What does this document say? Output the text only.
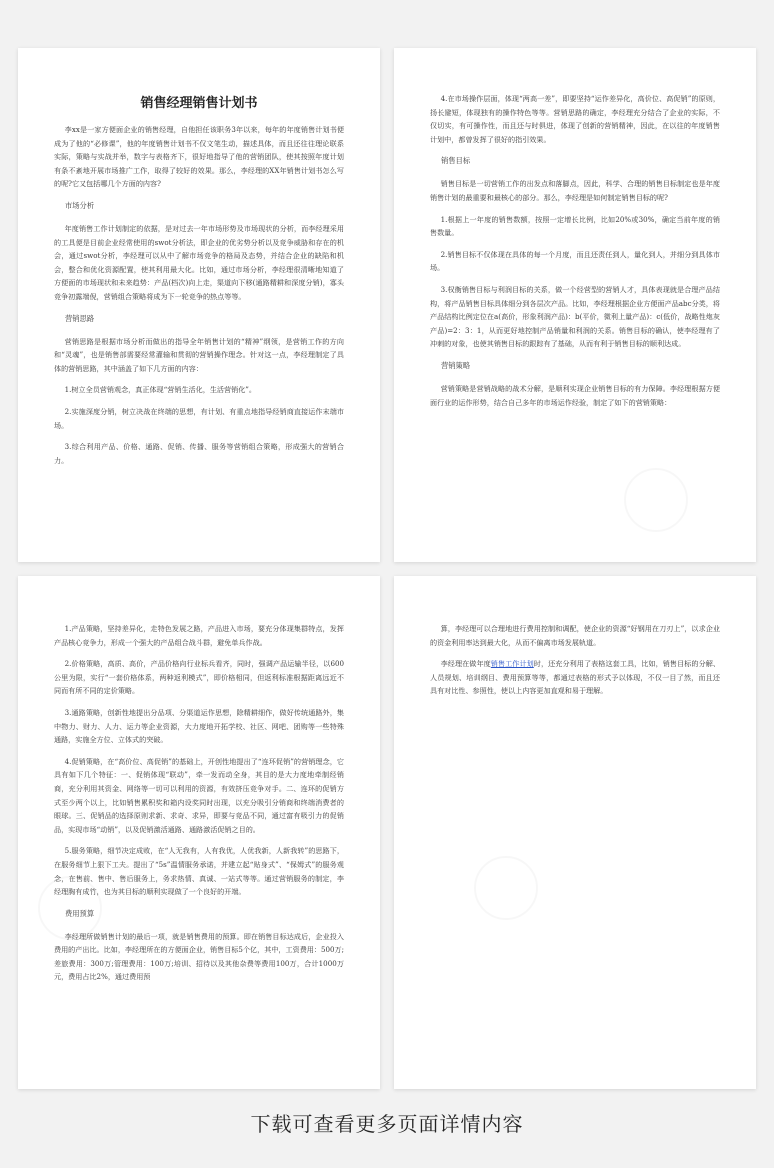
销售经理销售计划书

李xx是一家方便面企业的销售经理，自他担任该职务3年以来，每年的年度销售计划书便成为了他的“必修课”，他的年度销售计划书不仅文笔生动，描述具体，而且还往往理论联系实际，策略与实战并举，数字与表格齐下，很好地指导了他的营销团队，使其按照年度计划有条不紊地开展市场推广工作，取得了较好的效果。那么，李经理的XX年销售计划书怎么写的呢?它又包括哪几个方面的内容?

市场分析

年度销售工作计划制定的依据，是对过去一年市场形势及市场现状的分析，而李经理采用的工具便是目前企业经常使用的swot分析法，即企业的优劣势分析以及竞争威胁和存在的机会，通过swot分析，李经理可以从中了解市场竞争的格局及态势，并结合企业的缺陷和机会，整合和优化资源配置，使其利用最大化。比如，通过市场分析，李经理很清晰地知道了方便面的市场现状和未来趋势：产品(档次)向上走，渠道向下移(通路精耕和深度分销)，寡头竞争初露端倪，营销组合策略将成为下一轮竞争的热点等等。

营销思路

营销思路是根据市场分析而做出的指导全年销售计划的“精神”纲领，是营销工作的方向和“灵魂”，也是销售部需要经常灌输和贯彻的营销操作理念。针对这一点，李经理制定了具体的营销思路，其中涵盖了如下几方面的内容：

1.树立全员营销观念，真正体现“营销生活化，生活营销化”。

2.实施深度分销，树立决战在终端的思想，有计划、有重点地指导经销商直接运作末端市场。

3.综合利用产品、价格、通路、促销、传播、服务等营销组合策略，形成强大的营销合力。

4.在市场操作层面，体现“两高一差”，即要坚持“运作差异化，高价位、高促销”的原则，扬长避短，体现独有的操作特色等等。营销思路的确定，李经理充分结合了企业的实际，不仅切实，有可操作性，而且还与时俱进，体现了创新的营销精神，因此，在以往的年度销售计划中，都曾发挥了很好的指引效果。

销售目标

销售目标是一切营销工作的出发点和落脚点，因此，科学、合理的销售目标制定也是年度销售计划的最重要和最核心的部分。那么，李经理是如何制定销售目标的呢?

1.根据上一年度的销售数额，按照一定增长比例，比如20%或30%，确定当前年度的销售数量。

2.销售目标不仅体现在具体的每一个月度，而且还责任到人，量化到人，并细分到具体市场。

3.权衡销售目标与利润目标的关系，做一个经营型的营销人才，具体表现就是合理产品结构，将产品销售目标具体细分到各层次产品。比如，李经理根据企业方便面产品abc分类，将产品结构比例定位在a(高价，形象利润产品)：b(平价，微利上量产品)：c(低价，战略性炮灰产品)=2：3：1，从而更好地控制产品销量和利润的关系。销售目标的确认，使李经理有了冲刺的对象，也使其销售目标的跟踪有了基础，从而有利于销售目标的顺利达成。

营销策略

营销策略是营销战略的战术分解，是顺利实现企业销售目标的有力保障。李经理根据方便面行业的运作形势，结合自己多年的市场运作经验，制定了如下的营销策略：

1.产品策略，坚持差异化，走特色发展之路，产品进入市场，要充分体现集群特点，发挥产品核心竞争力，形成一个强大的产品组合战斗群，避免单兵作战。

2.价格策略，高质、高价，产品价格向行业标兵看齐，同时，强调产品运输半径，以600公里为限，实行“一套价格体系，两种返利模式”，即价格相同，但返利标准根据距离远近不同而有所不同的定价策略。

3.通路策略，创新性地提出分品项、分渠道运作思想，除精耕细作，做好传统通路外，集中物力、财力、人力、运力等企业资源，大力度地开拓学校、社区、网吧、团购等一些特殊通路，实施全方位、立体式的突破。

4.促销策略，在“高价位、高促销”的基础上，开创性地提出了“连环促销”的营销理念，它具有如下几个特征：一、促销体现“联动”，牵一发而动全身，其目的是大力度地牵制经销商，充分利用其资金、网络等一切可以利用的资源，有效挤压竞争对手。二、连环的促销方式至少两个以上，比如销售累积奖和箱内设奖同时出现，以充分吸引分销商和终端消费者的眼球。三、促销品的选择原则求新、求奇、求异，即要与竞品不同，通过富有吸引力的促销品，实现市场“动销”，以及促销激活通路、通路激活促销之目的。

5.服务策略，细节决定成败，在“人无我有，人有我优，人优我新，人新我转”的思路下，在服务细节上狠下工夫。提出了“5s”温情服务承诺，并建立起“贴身式”、“保姆式”的服务观念，在售前、售中、售后服务上，务求热情、真诚、一站式等等。通过营销服务的制定，李经理胸有成竹，也为其目标的顺利实现做了一个良好的开端。

费用预算

李经理所做销售计划的最后一项，就是销售费用的预算。即在销售目标达成后，企业投入费用的产出比。比如，李经理所在的方便面企业，销售目标5个亿，其中，工资费用：500万;差旅费用：300万;管理费用：100万;培训、招待以及其他杂费等费用100万，合计1000万元，费用占比2%，通过费用预

算，李经理可以合理地进行费用控制和调配，使企业的资源“好钢用在刀刃上”，以求企业的资金利用率达到最大化，从而不偏离市场发展轨道。

李经理在做年度销售工作计划时，还充分利用了表格这套工具，比如，销售目标的分解、人员规划、培训纲目、费用预算等等，都通过表格的形式予以体现，不仅一目了然，而且还具有对比性、参照性，使以上内容更加直观和易于理解。

下载可查看更多页面详情内容
